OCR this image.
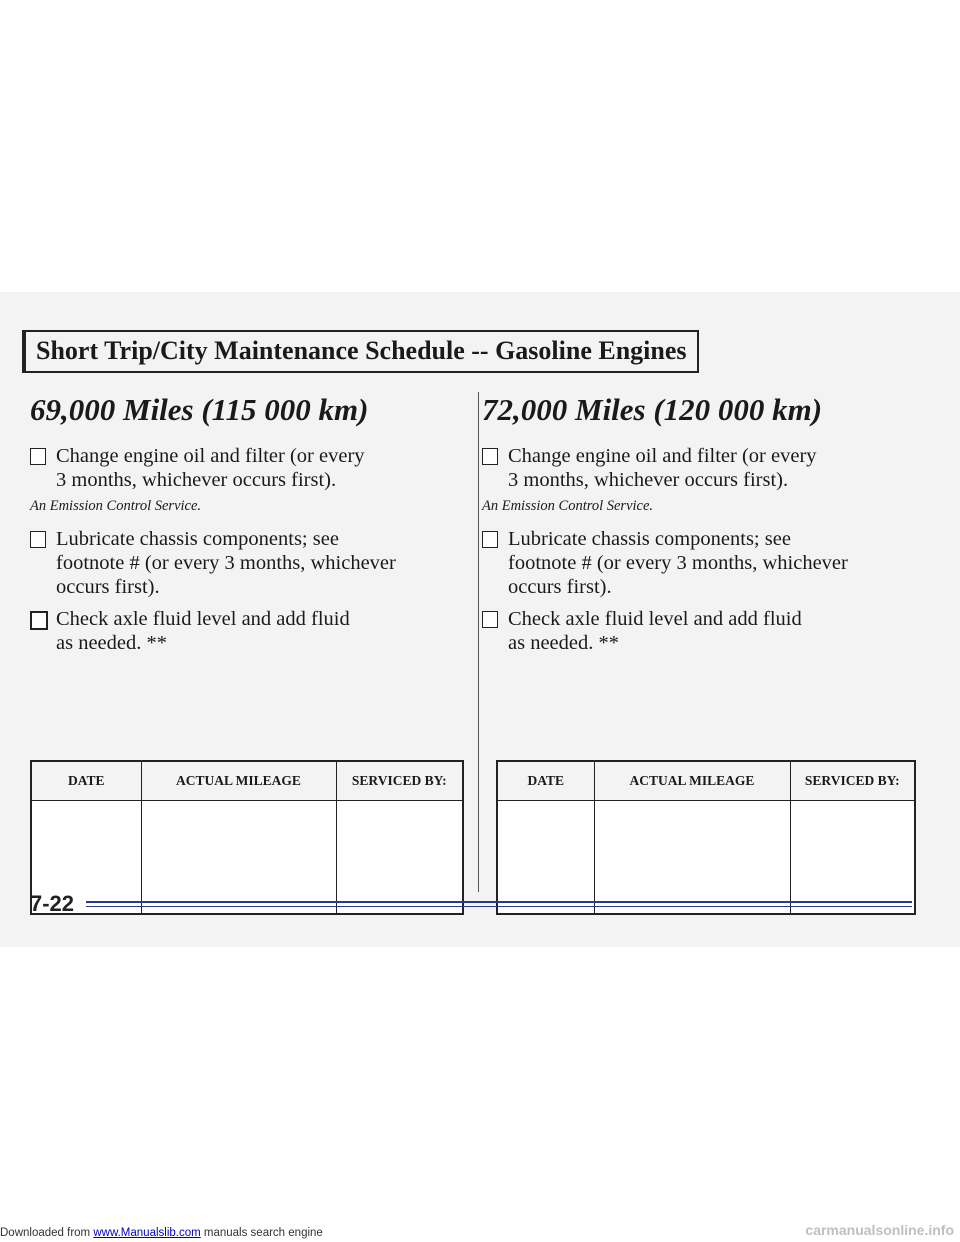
Short Trip/City Maintenance Schedule -- Gasoline Engines
69,000 Miles (115 000 km)
Change engine oil and filter (or every
3 months, whichever occurs first).
An Emission Control Service.
Lubricate chassis components; see
footnote # (or every 3 months, whichever
occurs first).
Check axle fluid level and add fluid
as needed. **
72,000 Miles (120 000 km)
Change engine oil and filter (or every
3 months, whichever occurs first).
An Emission Control Service.
Lubricate chassis components; see
footnote # (or every 3 months, whichever
occurs first).
Check axle fluid level and add fluid
as needed. **
DATE	ACTUAL MILEAGE	SERVICED BY:
			DATE	ACTUAL MILEAGE	SERVICED BY:

7-22
Downloaded from www.Manualslib.com manuals search engine	carmanualsonline.info
